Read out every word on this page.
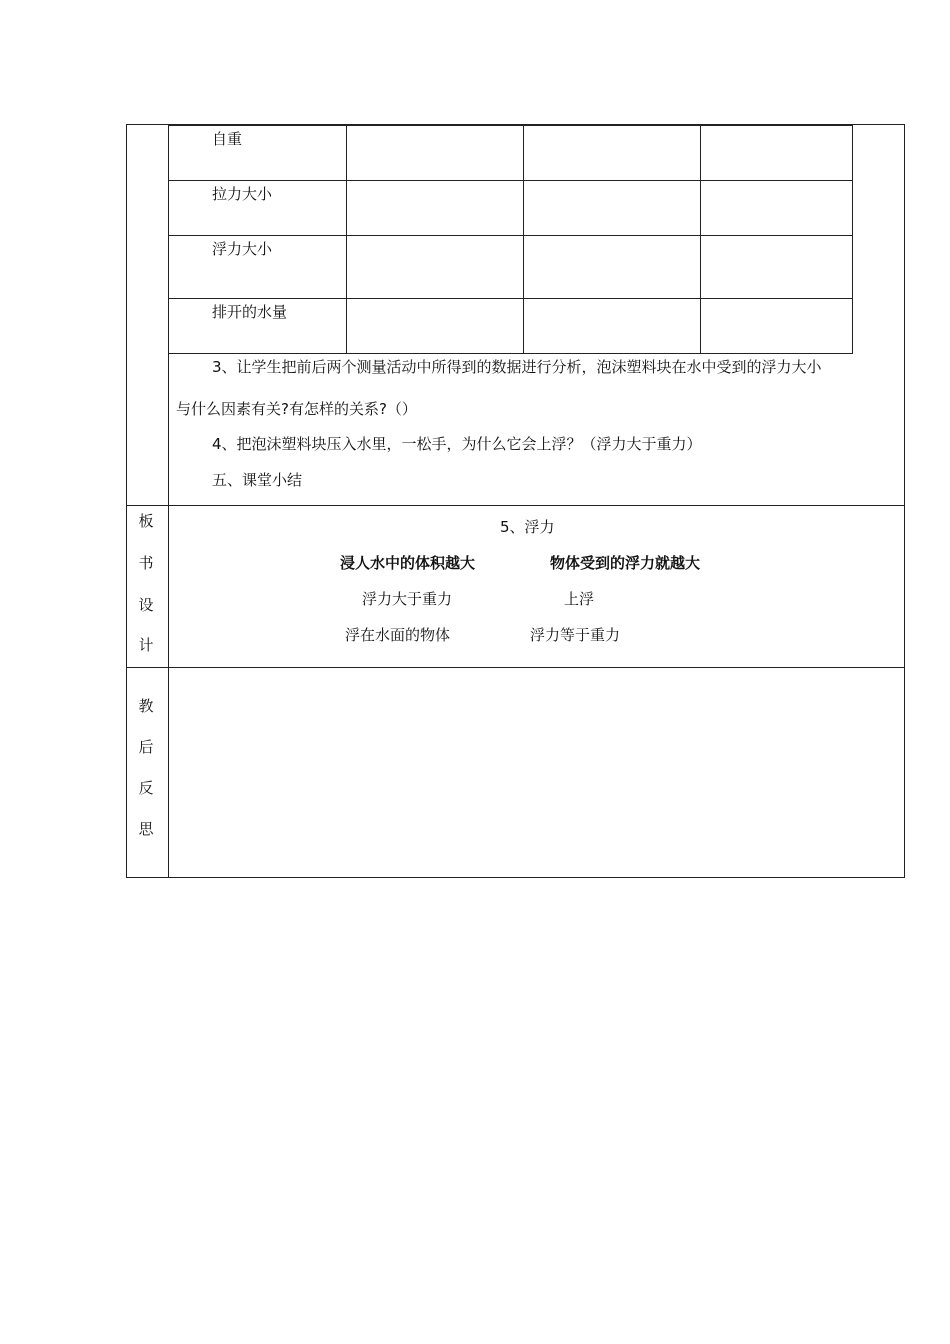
自重
拉力大小
浮力大小
排开的水量
3、让学生把前后两个测量活动中所得到的数据进行分析，泡沫塑料块在水中受到的浮力大小
与什么因素有关?有怎样的关系?（）
4、把泡沫塑料块压入水里，一松手，为什么它会上浮？（浮力大于重力）
五、课堂小结
板
书
设
计
5、浮力
浸人水中的体积越大	物体受到的浮力就越大
浮力大于重力	上浮
浮在水面的物体	浮力等于重力
教
后
反
思
